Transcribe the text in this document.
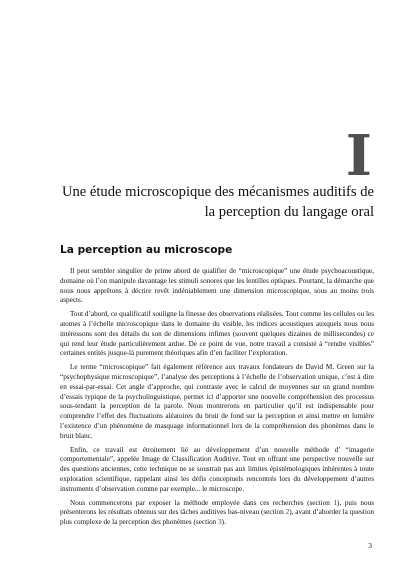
I
Une étude microscopique des mécanismes auditifs de
la perception du langage oral
La perception au microscope

Il peut sembler singulier de prime abord de qualifier de “microscopique” une étude psychoacoustique, domaine où l’on manipule davantage les stimuli sonores que les lentilles optiques. Pourtant, la démarche que nous nous apprêtons à décrire revêt indéniablement une dimension microscopique, sous au moins trois aspects.

Tout d’abord, ce qualificatif souligne la finesse des observations réalisées. Tout comme les cellules ou les atomes à l’échelle microscopique dans le domaine du visible, les indices acoustiques auxquels nous nous intéressons sont des détails du son de dimensions infimes (souvent quelques dizaines de millisecondes) ce qui rend leur étude particulièrement ardue. De ce point de vue, notre travail a consisté à “rendre visibles” certaines entités jusque-là purement théoriques afin d’en faciliter l’exploration.

Le terme “microscopique” fait également référence aux travaux fondateurs de David M. Green sur la “psychophysique microscopique”, l’analyse des perceptions à l’échelle de l’observation unique, c’est à dire en essai-par-essai. Cet angle d’approche, qui contraste avec le calcul de moyennes sur un grand nombre d’essais typique de la psycholinguistique, permet ici d’apporter une nouvelle compréhension des processus sous-tendant la perception de la parole. Nous montrerons en particulier qu’il est indispensable pour comprendre l’effet des fluctuations aléatoires du bruit de fond sur la perception et ainsi mettre en lumière l’existence d’un phénomène de masquage informationnel lors de la compréhension des phonèmes dans le bruit blanc.

Enfin, ce travail est étroitement lié au développement d’un nouvelle méthode d’ “imagerie comportementale”, appelée Image de Classification Auditive. Tout en offrant une perspective nouvelle sur des questions anciennes, cette technique ne se soustrait pas aux limites épistémologiques inhérentes à toute exploration scientifique, rappelant ainsi les défis conceptuels rencontrés lors du développement d’autres instruments d’observation comme par exemple... le microscope.

Nous commencerons par exposer la méthode employée dans ces recherches (section 1), puis nous présenterons les résultats obtenus sur des tâches auditives bas-niveau (section 2), avant d’aborder la question plus complexe de la perception des phonèmes (section 3).

3
